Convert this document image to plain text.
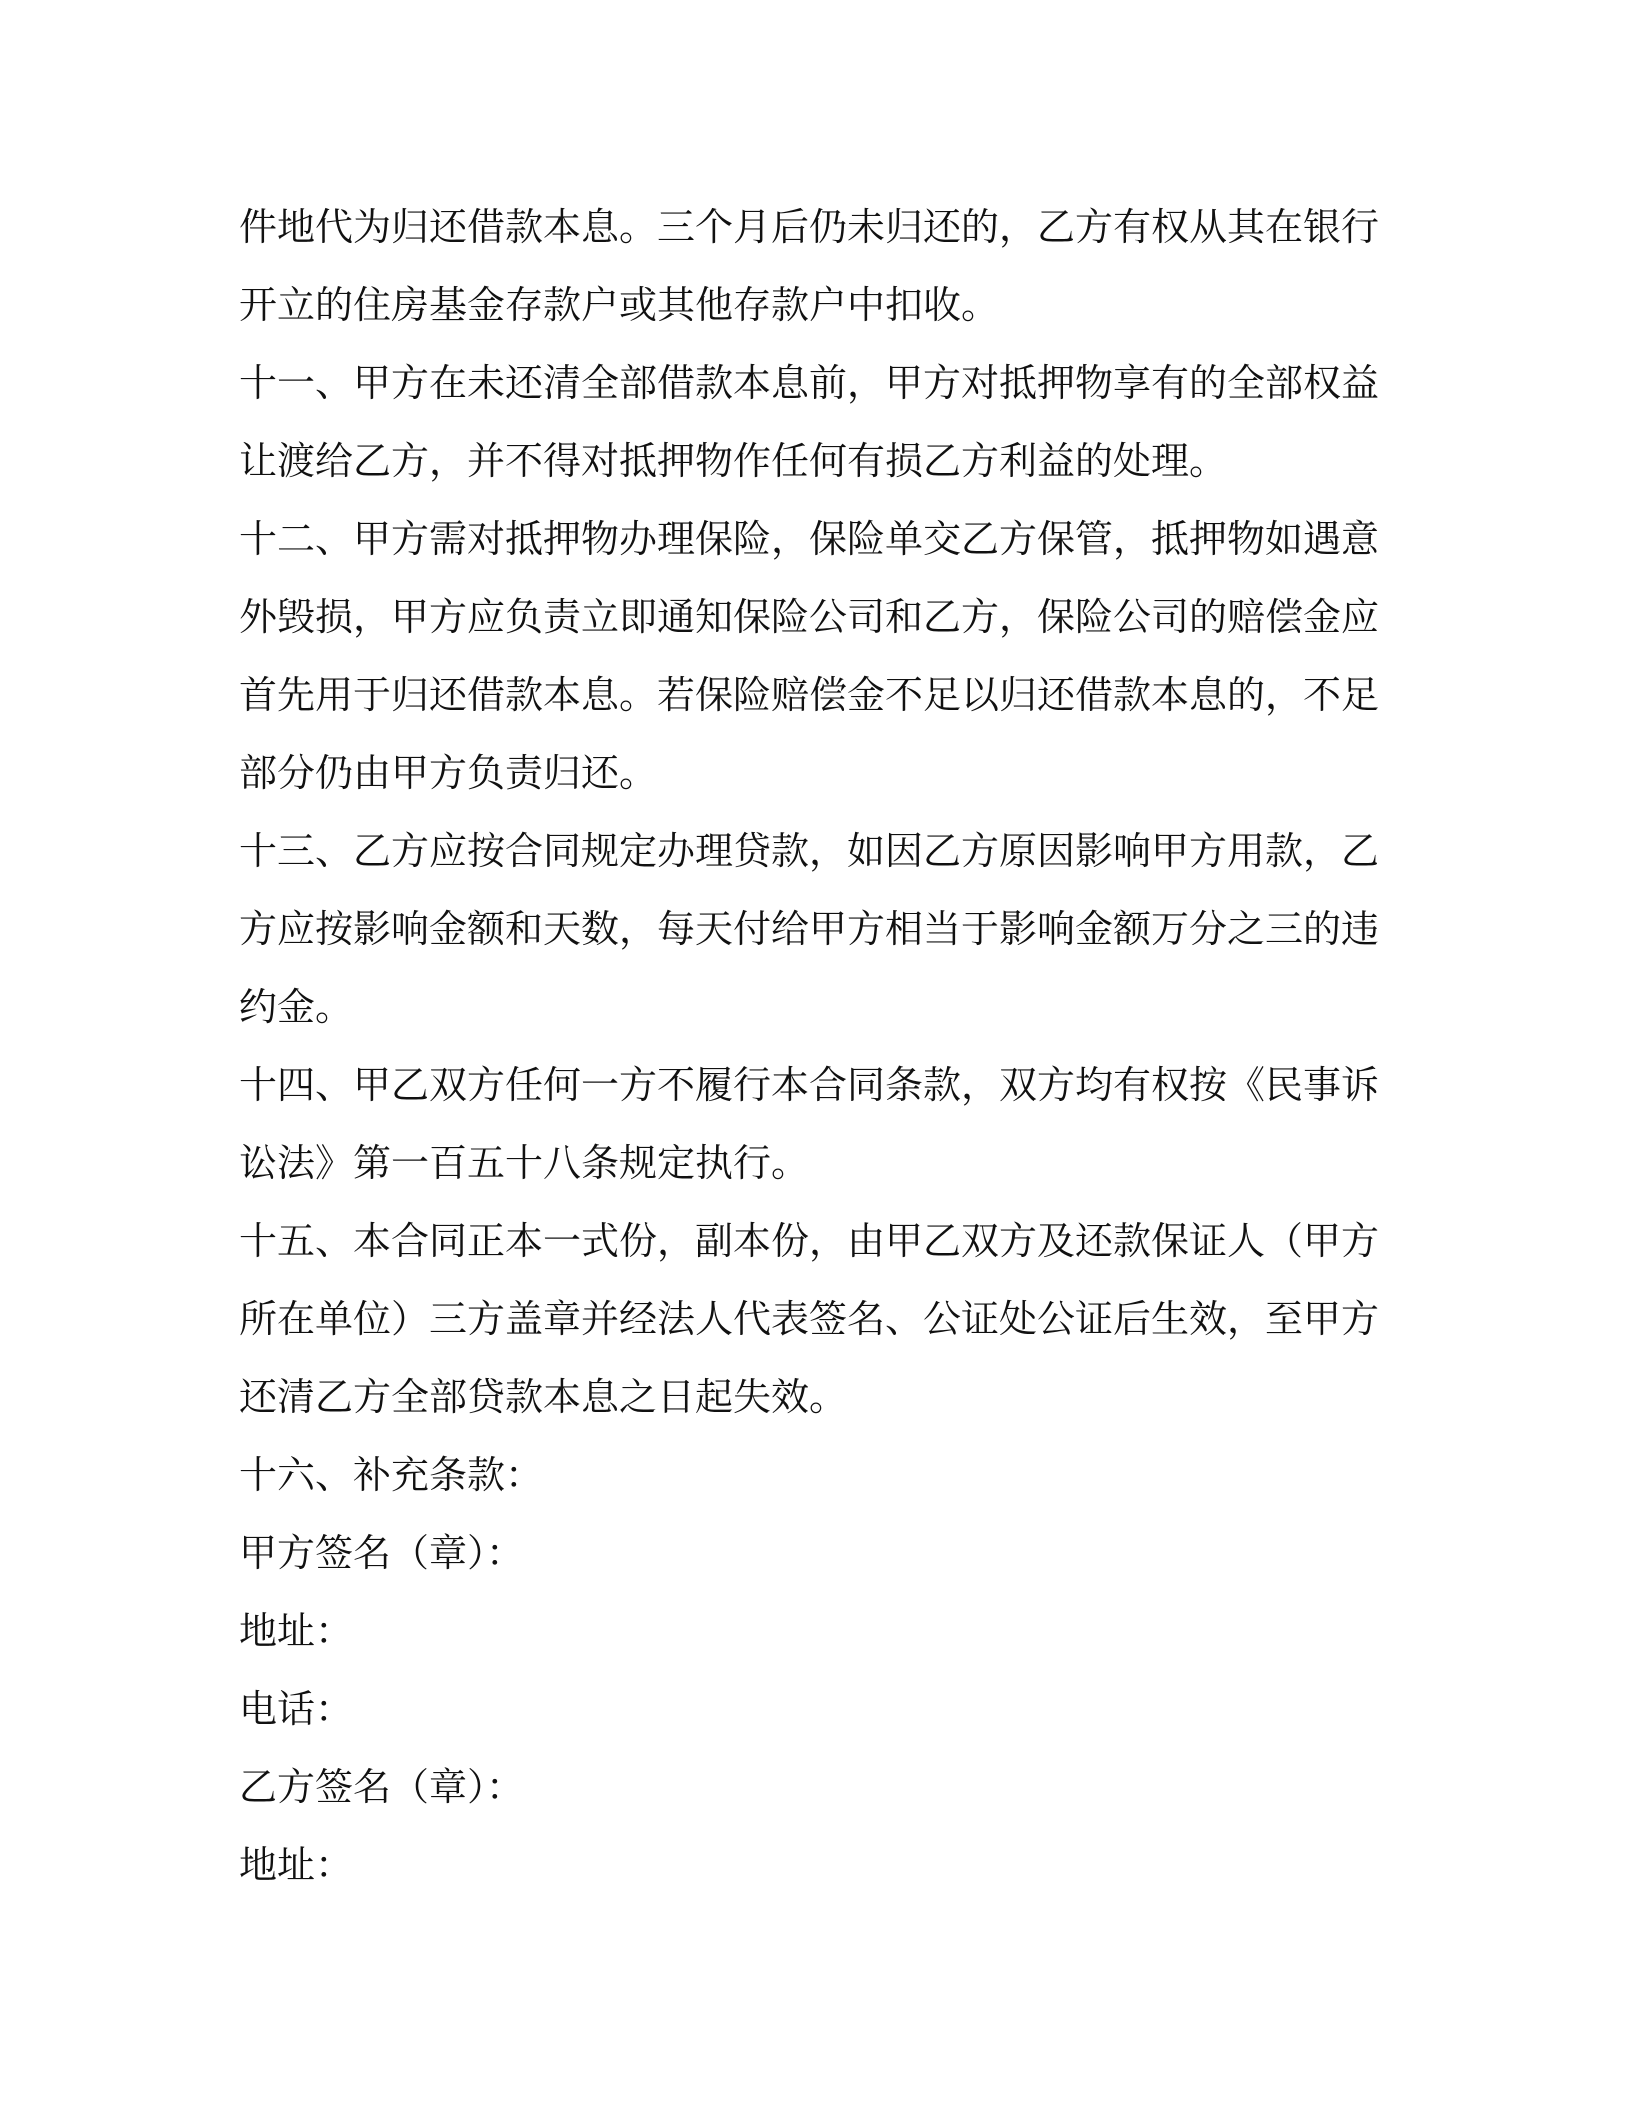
件地代为归还借款本息。三个月后仍未归还的，乙方有权从其在银行
开立的住房基金存款户或其他存款户中扣收。
十一、甲方在未还清全部借款本息前，甲方对抵押物享有的全部权益
让渡给乙方，并不得对抵押物作任何有损乙方利益的处理。
十二、甲方需对抵押物办理保险，保险单交乙方保管，抵押物如遇意
外毁损，甲方应负责立即通知保险公司和乙方，保险公司的赔偿金应
首先用于归还借款本息。若保险赔偿金不足以归还借款本息的，不足
部分仍由甲方负责归还。
十三、乙方应按合同规定办理贷款，如因乙方原因影响甲方用款，乙
方应按影响金额和天数，每天付给甲方相当于影响金额万分之三的违
约金。
十四、甲乙双方任何一方不履行本合同条款，双方均有权按《民事诉
讼法》第一百五十八条规定执行。
十五、本合同正本一式份，副本份，由甲乙双方及还款保证人（甲方
所在单位）三方盖章并经法人代表签名、公证处公证后生效，至甲方
还清乙方全部贷款本息之日起失效。
十六、补充条款：
甲方签名（章）：
地址：
电话：
乙方签名（章）：
地址：
